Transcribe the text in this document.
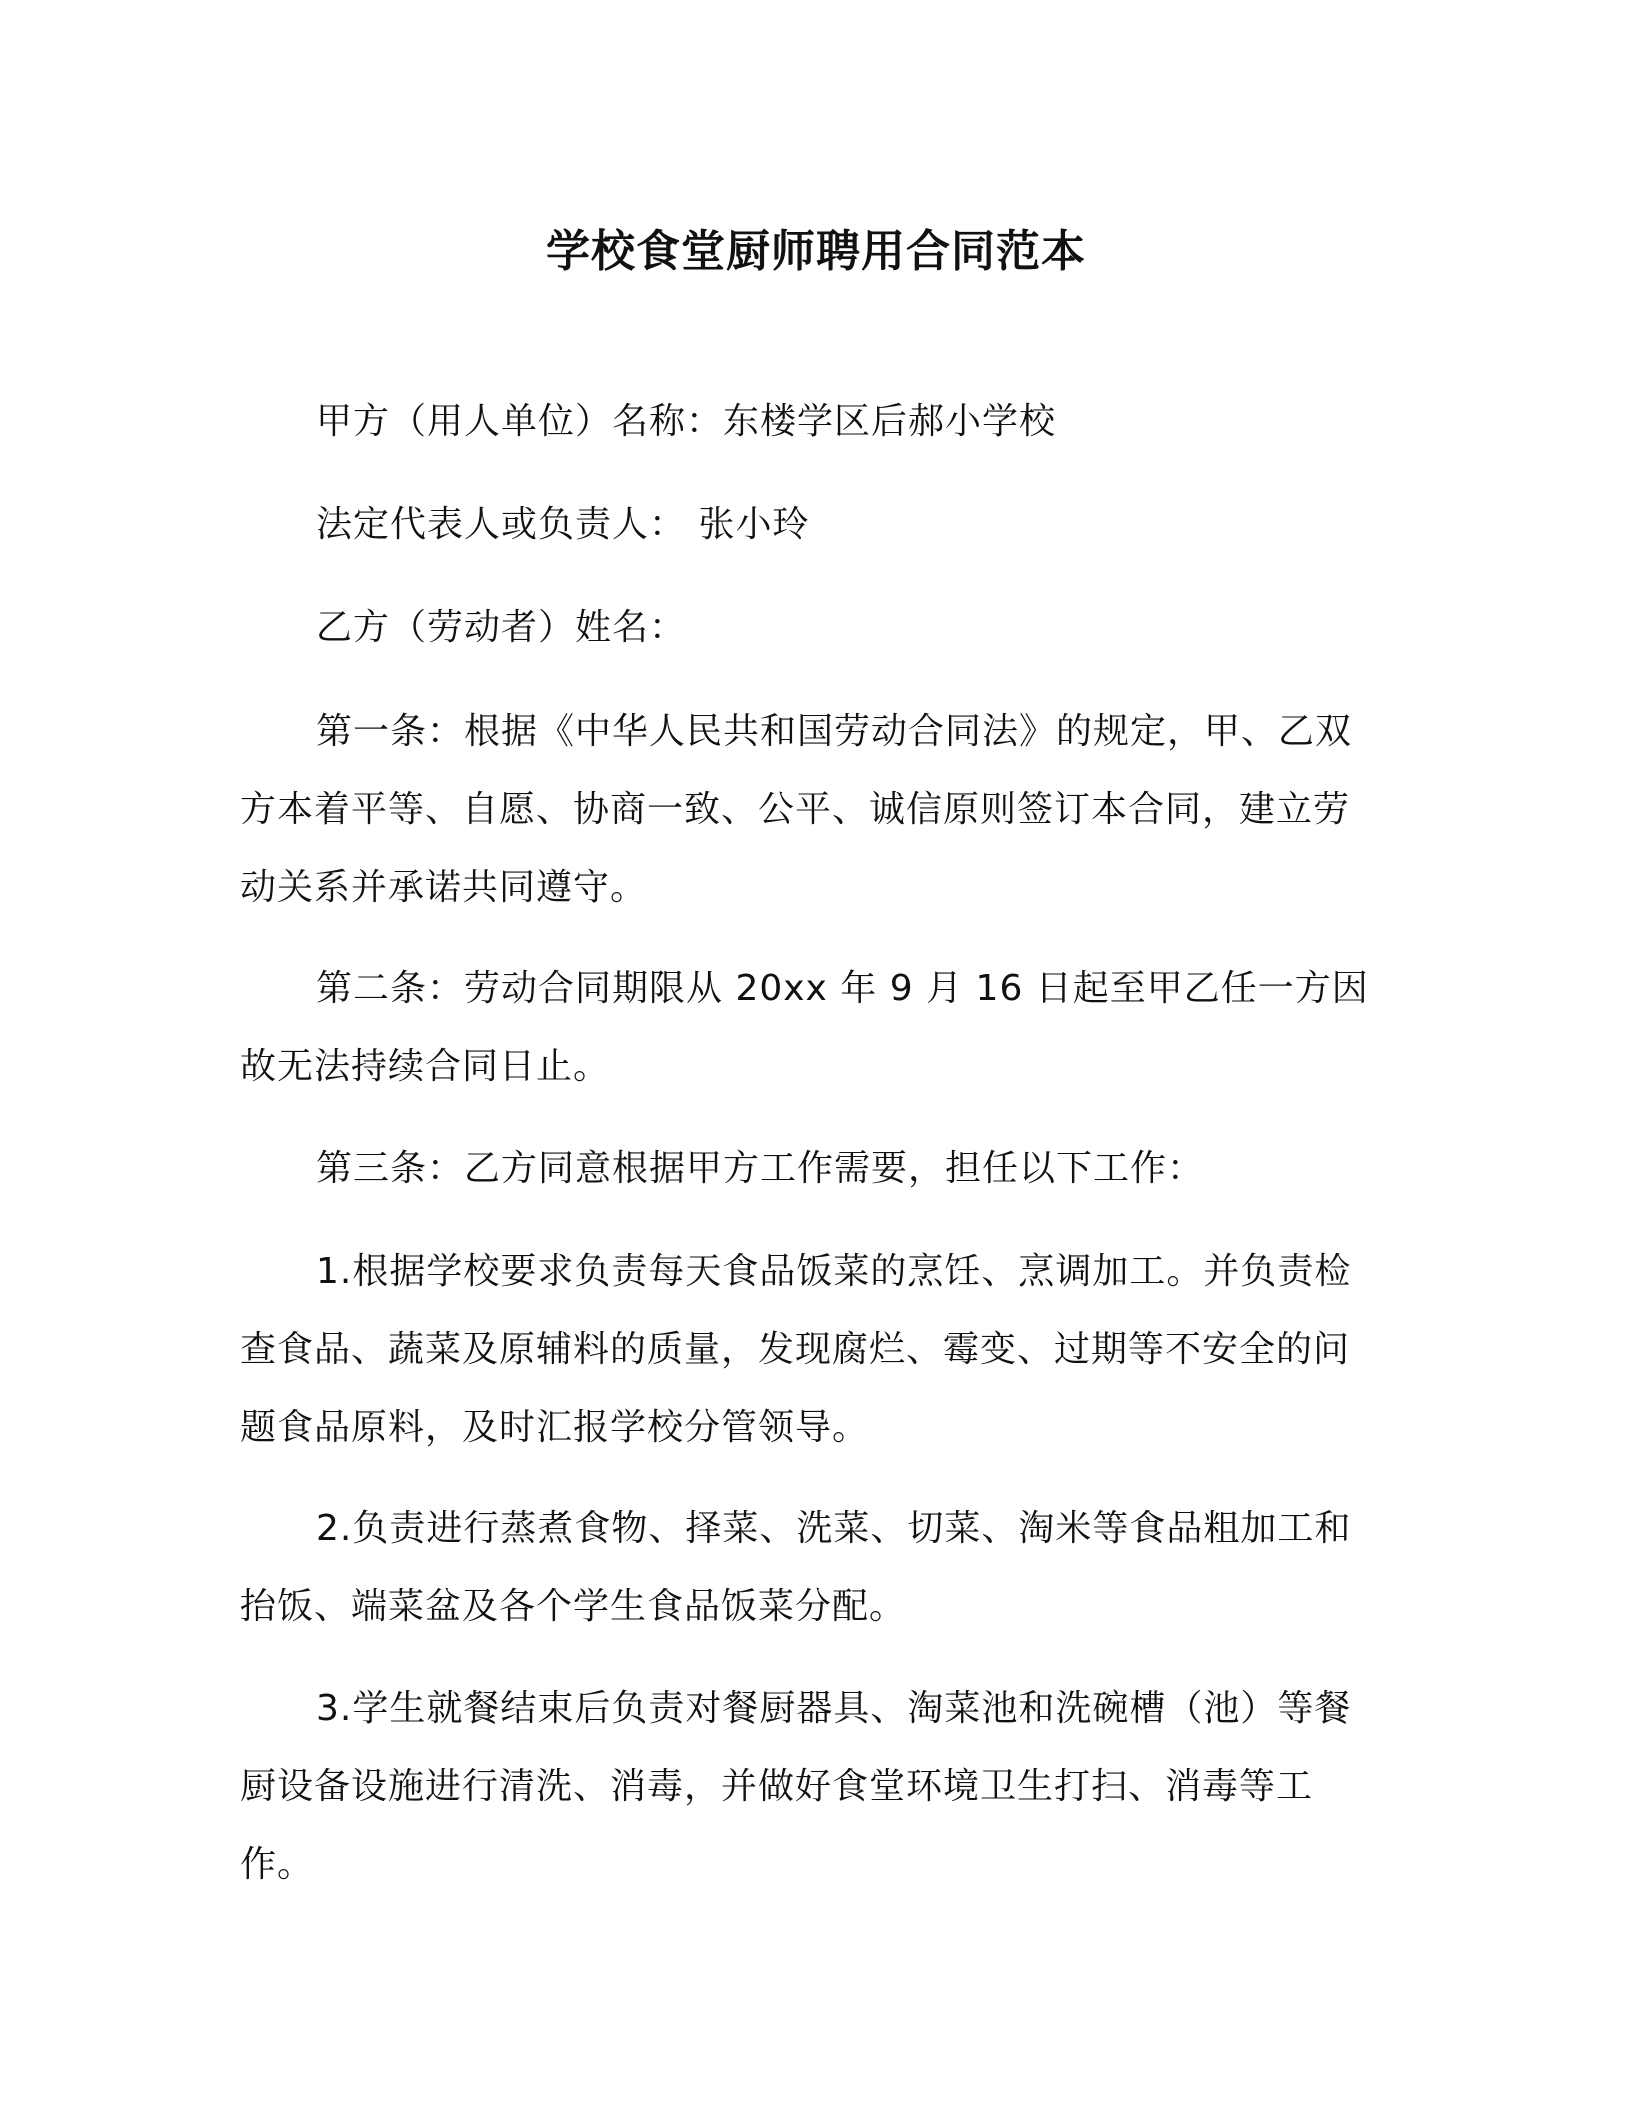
学校食堂厨师聘用合同范本
甲方（用人单位）名称：东楼学区后郝小学校
法定代表人或负责人： 张小玲
乙方（劳动者）姓名：

第一条：根据《中华人民共和国劳动合同法》的规定，甲、乙双方本着平等、自愿、协商一致、公平、诚信原则签订本合同，建立劳动关系并承诺共同遵守。

第二条：劳动合同期限从 20xx 年 9 月 16 日起至甲乙任一方因故无法持续合同日止。

第三条：乙方同意根据甲方工作需要，担任以下工作：

1.根据学校要求负责每天食品饭菜的烹饪、烹调加工。并负责检查食品、蔬菜及原辅料的质量，发现腐烂、霉变、过期等不安全的问题食品原料，及时汇报学校分管领导。

2.负责进行蒸煮食物、择菜、洗菜、切菜、淘米等食品粗加工和抬饭、端菜盆及各个学生食品饭菜分配。

3.学生就餐结束后负责对餐厨器具、淘菜池和洗碗槽（池）等餐厨设备设施进行清洗、消毒，并做好食堂环境卫生打扫、消毒等工作。
